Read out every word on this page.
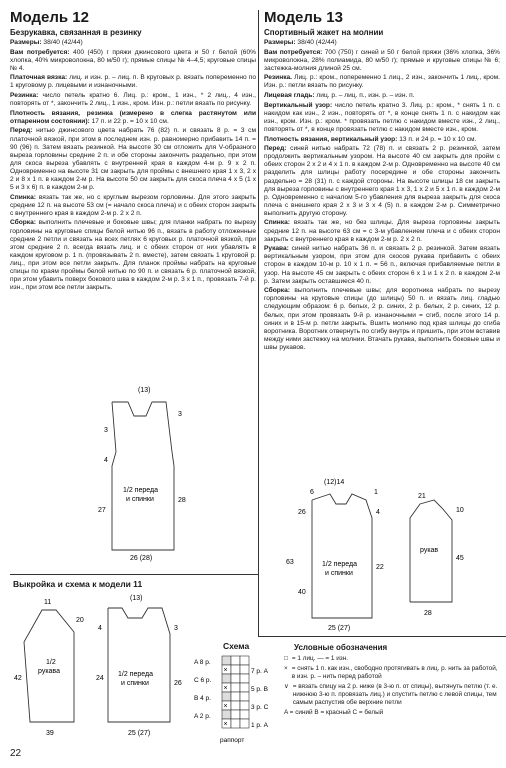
Модель 12
Безрукавка, связанная в резинку

Размеры: 38/40 (42/44)

Вам потребуется: 400 (450) г пряжи джинсового цвета и 50 г белой (60% хлопка, 40% микроволокна, 80 м/50 г); прямые спицы № 4–4,5; круговые спицы № 4.

Платочная вязка: лиц. и изн. р. – лиц. п. В круговых р. вязать попеременно по 1 круговому р. лицевыми и изнаночными.

Резинка: число петель кратно 6. Лиц. р.: кром., 1 изн., * 2 лиц., 4 изн., повторять от *, закончить 2 лиц., 1 изн., кром. Изн. р.: петли вязать по рисунку.

Плотность вязания, резинка (измерено в слегка растянутом или отпаренном состоянии): 17 п. и 22 р. = 10 х 10 см.

Перед: нитью джинсового цвета набрать 76 (82) п. и связать 8 р. = 3 см платочной вязкой, при этом в последнем изн. р. равномерно прибавить 14 п. = 90 (96) п. Затем вязать резинкой. На высоте 30 см отложить для V-образного выреза горловины средние 2 п. и обе стороны закончить раздельно, при этом для скоса выреза убавлять с внутренней края в каждом 4-м р. 9 х 2 п. Одновременно на высоте 31 см закрыть для проймы с внешнего края 1 х 3, 2 х 2 и 8 х 1 п. в каждом 2-м р. На высоте 50 см закрыть для скоса плеча 4 х 5 (1 х 5 и 3 х 6) п. в каждом 2-м р.

Спинка: вязать так же, но с круглым вырезом горловины. Для этого закрыть средние 12 п. на высоте 53 см (= начало скоса плеча) и с обеих сторон закрыть с внутреннего края в каждом 2-м р. 2 х 2 п.

Сборка: выполнить плечевые и боковые швы; для планки набрать по вырезу горловины на круговые спицы белой нитью 96 п., вязать в работу отложенные средние 2 петли и связать на всех петлях 6 круговых р. платочной вязкой, при этом средние 2 п. всегда вязать лиц. и с обеих сторон от них убавлять в каждом круговом р. 1 п. (провязывать 2 п. вместе), затем связать 1 круговой р. лиц., при этом все петли закрыть. Для планок проймы набрать на круговые спицы по краям проймы белой нитью по 90 п. и связать 6 р. платочной вязкой, при этом убавить поверх бокового шва в каждом 2-м р. 3 х 1 п., провязать 7-й р. изн., при этом все петли закрыть.

Модель 13
Спортивный жакет на молнии

Размеры: 38/40 (42/44)

Вам потребуется: 700 (750) г синей и 50 г белой пряжи (36% хлопка, 36% микроволокна, 28% полиамида, 80 м/50 г); прямые и круговые спицы № 6; застежка-молния длиной 25 см.

Резинка. Лиц. р.: кром., попеременно 1 лиц., 2 изн., закончить 1 лиц., кром. Изн. р.: петли вязать по рисунку.

Лицевая гладь: лиц. р. – лиц. п., изн. р. – изн. п.

Вертикальный узор: число петель кратно 3. Лиц. р.: кром., * снять 1 п. с накидом как изн., 2 изн., повторять от *, в конце снять 1 п. с накидом как изн., кром. Изн. р.: кром. * провязать петлю с накидом вместе изн., 2 лиц., повторять от *, в конце провязать петлю с накидом вместе изн., кром.

Плотность вязания, вертикальный узор: 13 п. и 24 р. = 10 х 10 см.

Перед: синей нитью набрать 72 (78) п. и связать 2 р. резинкой, затем продолжить вертикальным узором. На высоте 40 см закрыть для пройм с обеих сторон 2 х 2 и 4 х 1 п. в каждом 2-м р. Одновременно на высоте 40 см разделить для шлицы работу посередине и обе стороны закончить раздельно = 28 (31) п. с каждой стороны. На высоте шлицы 18 см закрыть для выреза горловины с внутреннего края 1 х 3, 1 х 2 и 5 х 1 п. в каждом 2-м р. Одновременно с началом 5-го убавления для выреза закрыть для скоса плеча с внешнего края 2 х 3 и 3 х 4 (5) п. в каждом 2-м р. Симметрично выполнить другую сторону.

Спинка: вязать так же, но без шлицы. Для выреза горловины закрыть средние 12 п. на высоте 63 см = с 3-м убавлением плеча и с обеих сторон закрыть с внутреннего края в каждом 2-м р. 2 х 2 п.

Рукава: синей нитью набрать 36 п. и связать 2 р. резинкой. Затем вязать вертикальным узором, при этом для скосов рукава прибавить с обеих сторон в каждом 10-м р. 10 х 1 п. = 56 п., включая прибавляемые петли в узор. На высоте 45 см закрыть с обеих сторон 6 х 1 и 1 х 2 п. в каждом 2-м р. Затем закрыть оставшиеся 40 п.

Сборка: выполнить плечевые швы; для воротника набрать по вырезу горловины на круговые спицы (до шлицы) 50 п. и вязать лиц. гладью следующим образом: 6 р. белых, 2 р. синих, 2 р. белых, 2 р. синих, 12 р. белых, при этом провязать 9-й р. изнаночными = сгиб, после этого 14 р. синих и в 15-м р. петли закрыть. Вшить молнию под края шлицы до сгиба воротника. Воротник отвернуть по сгибу внутрь и пришить, при этом вставив между ними застежку на молнии. Втачать рукава, выполнить боковые швы и швы рукавов.

(13)
3
4
27
3
28
1/2 переда
и спинки
26 (28)
Выкройка и схема к модели 11
11
42
20
1/2
рукава
39
(13)
4
24
3
26
1/2 переда
и спинки
25 (27)
(12)14
6	1
4
22
26
63
40
1/2 переда
и спинки
25 (27)
21
45
10
рукав
28
Схема
×
×
×
×
A 8 р.
C 6 р.
B 4 р.
A 2 р.
7 р. A
5 р. B
3 р. C
1 р. A
раппорт
Условные обозначения
□ = 1 лиц. — = 1 изн.
× = снять 1 п. как изн., свободно протягивать в лиц. р. нить за работой, в изн. р. – нить перед работой
∨ = вязать спицу на 2 р. ниже (в 3-ю п. от спицы), вытянуть петлю (т. е. нижнюю 3-ю п. провязать лиц.) и спустить петлю с левой спицы, тем самым распустив обе верхние петли
A = синий B = красный C = белый
22
